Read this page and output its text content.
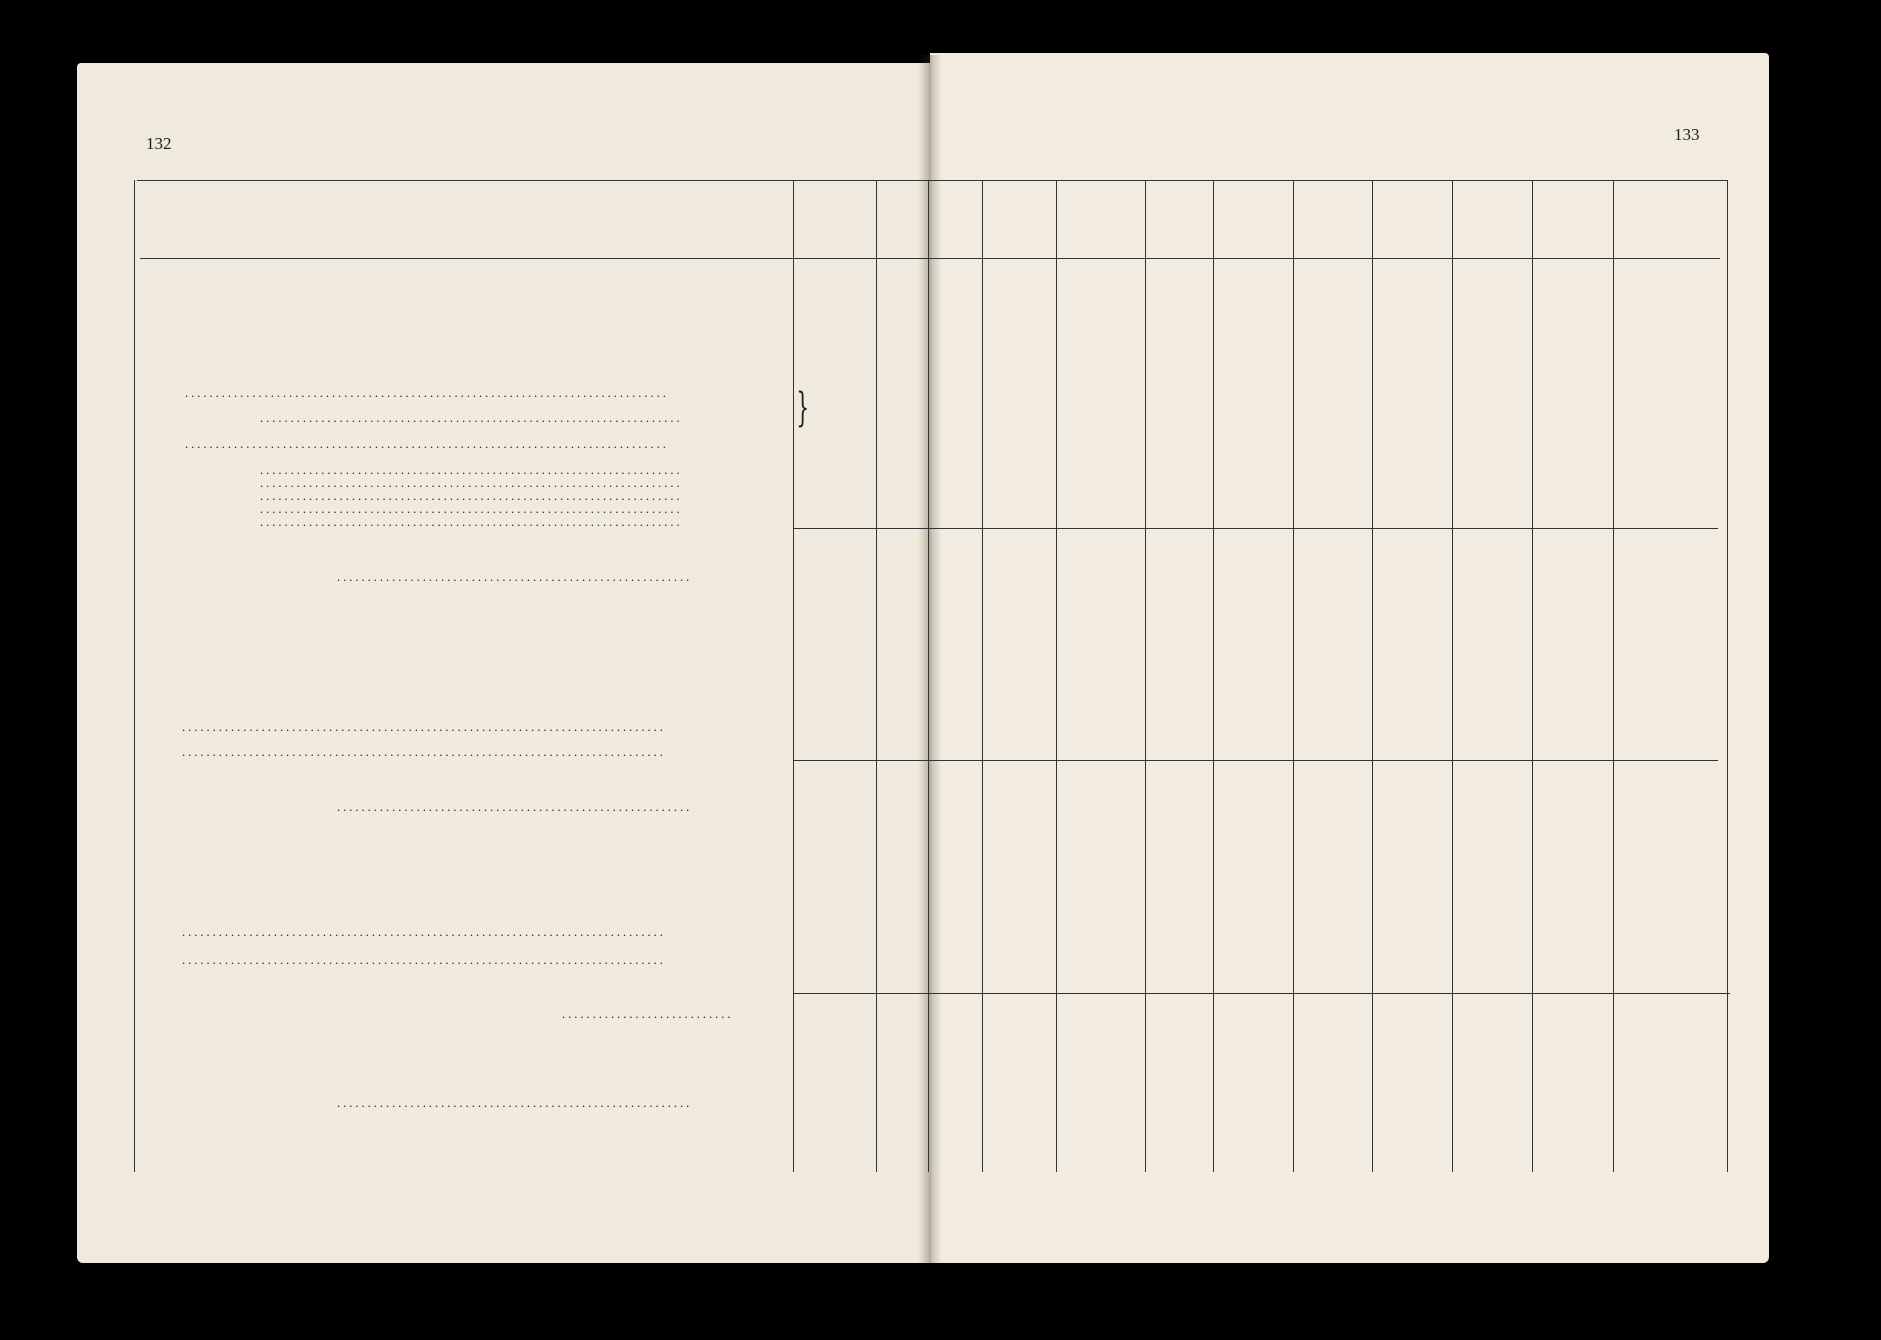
132	133
}
...............................................................................
.....................................................................
...............................................................................
.....................................................................
.....................................................................
.....................................................................
.....................................................................
.....................................................................
..........................................................
...............................................................................
...............................................................................
..........................................................
...............................................................................
...............................................................................
............................
..........................................................
